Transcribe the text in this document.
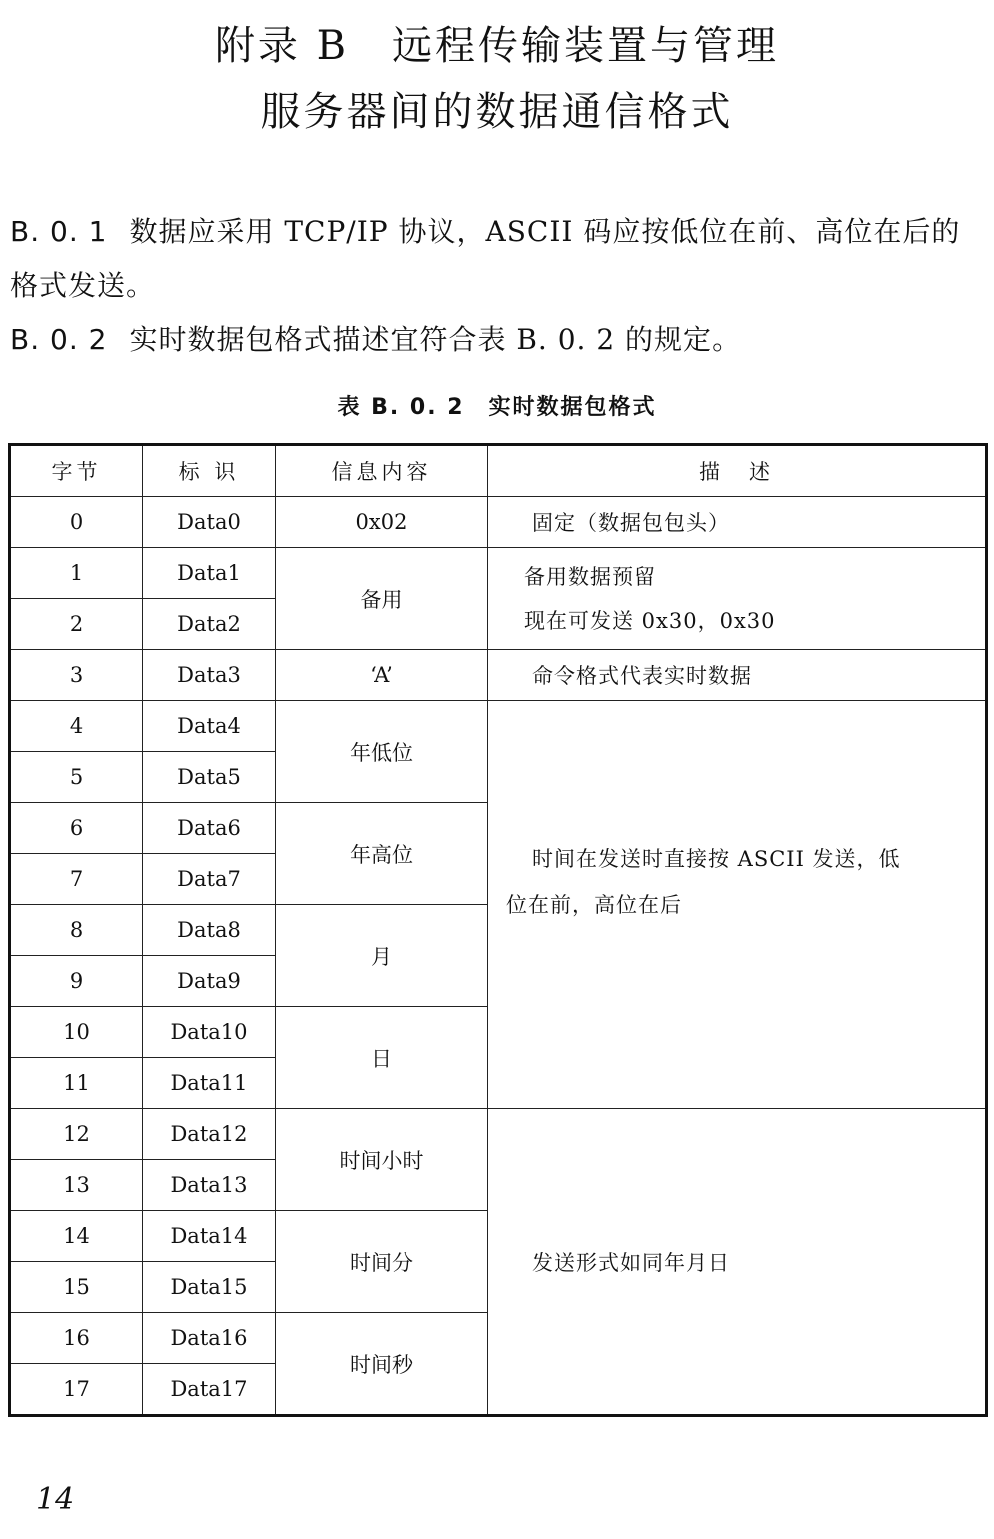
附录 B　远程传输装置与管理
服务器间的数据通信格式
B. 0. 1 数据应采用 TCP/IP 协议，ASCII 码应按低位在前、高位在后的格式发送。
B. 0. 2 实时数据包格式描述宜符合表 B. 0. 2 的规定。
表 B. 0. 2 实时数据包格式
字节	标 识	信息内容	描　述
0	Data0	0x02	固定（数据包包头）
1	Data1	备用	备用数据预留
现在可发送 0x30，0x30

2	Data2		
3	Data3	‘A’	命令格式代表实时数据
4	Data4	年低位	时间在发送时直接按 ASCII 发送，低
位在前，高位在后

5	Data5		
6	Data6	年高位	
7	Data7		
8	Data8	月	
9	Data9		
10	Data10	日	
11	Data11		
12	Data12	时间小时	发送形式如同年月日
13	Data13		
14	Data14	时间分	
15	Data15		
16	Data16	时间秒	
17	Data17		
14
